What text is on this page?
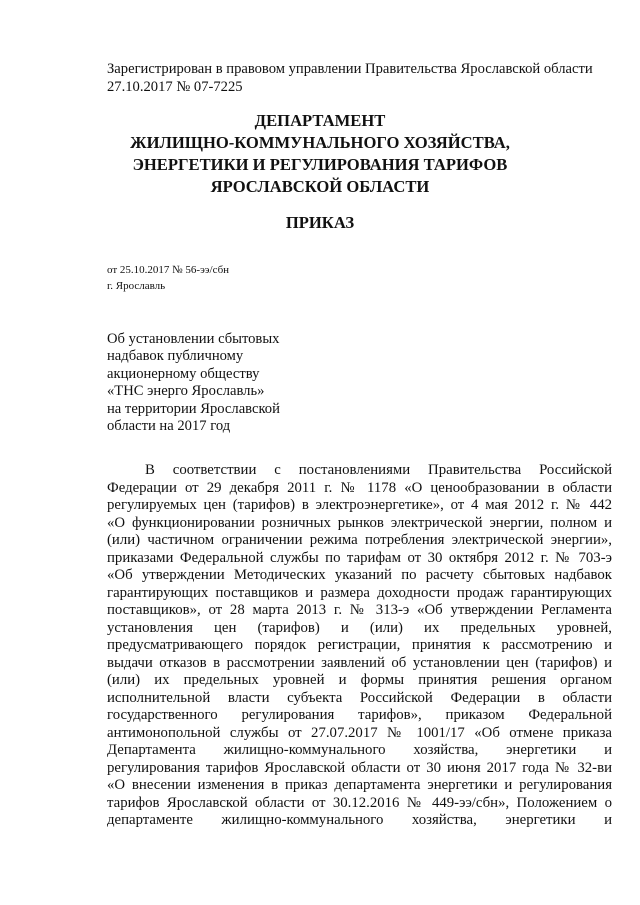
Зарегистрирован в правовом управлении Правительства Ярославской области
27.10.2017 № 07-7225
ДЕПАРТАМЕНТ
ЖИЛИЩНО-КОММУНАЛЬНОГО ХОЗЯЙСТВА,
ЭНЕРГЕТИКИ И РЕГУЛИРОВАНИЯ ТАРИФОВ
ЯРОСЛАВСКОЙ ОБЛАСТИ
ПРИКАЗ
от 25.10.2017 № 56-ээ/сбн
г. Ярославль
Об установлении сбытовых
надбавок публичному
акционерному обществу
«ТНС энерго Ярославль»
на территории Ярославской
области на 2017 год
В соответствии с постановлениями Правительства Российской
Федерации от 29 декабря 2011 г. № 1178 «О ценообразовании в области
регулируемых цен (тарифов) в электроэнергетике», от 4 мая 2012 г. № 442
«О функционировании розничных рынков электрической энергии, полном и
(или) частичном ограничении режима потребления электрической энергии»,
приказами Федеральной службы по тарифам от 30 октября 2012 г. № 703-э
«Об утверждении Методических указаний по расчету сбытовых надбавок
гарантирующих поставщиков и размера доходности продаж гарантирующих
поставщиков», от 28 марта 2013 г. № 313-э «Об утверждении Регламента
установления цен (тарифов) и (или) их предельных уровней,
предусматривающего порядок регистрации, принятия к рассмотрению и
выдачи отказов в рассмотрении заявлений об установлении цен (тарифов) и
(или) их предельных уровней и формы принятия решения органом
исполнительной власти субъекта Российской Федерации в области
государственного регулирования тарифов», приказом Федеральной
антимонопольной службы от 27.07.2017 № 1001/17 «Об отмене приказа
Департамента жилищно-коммунального хозяйства, энергетики и
регулирования тарифов Ярославской области от 30 июня 2017 года № 32-ви
«О внесении изменения в приказ департамента энергетики и регулирования
тарифов Ярославской области от 30.12.2016 № 449-ээ/сбн», Положением о
департаменте жилищно-коммунального хозяйства, энергетики и
